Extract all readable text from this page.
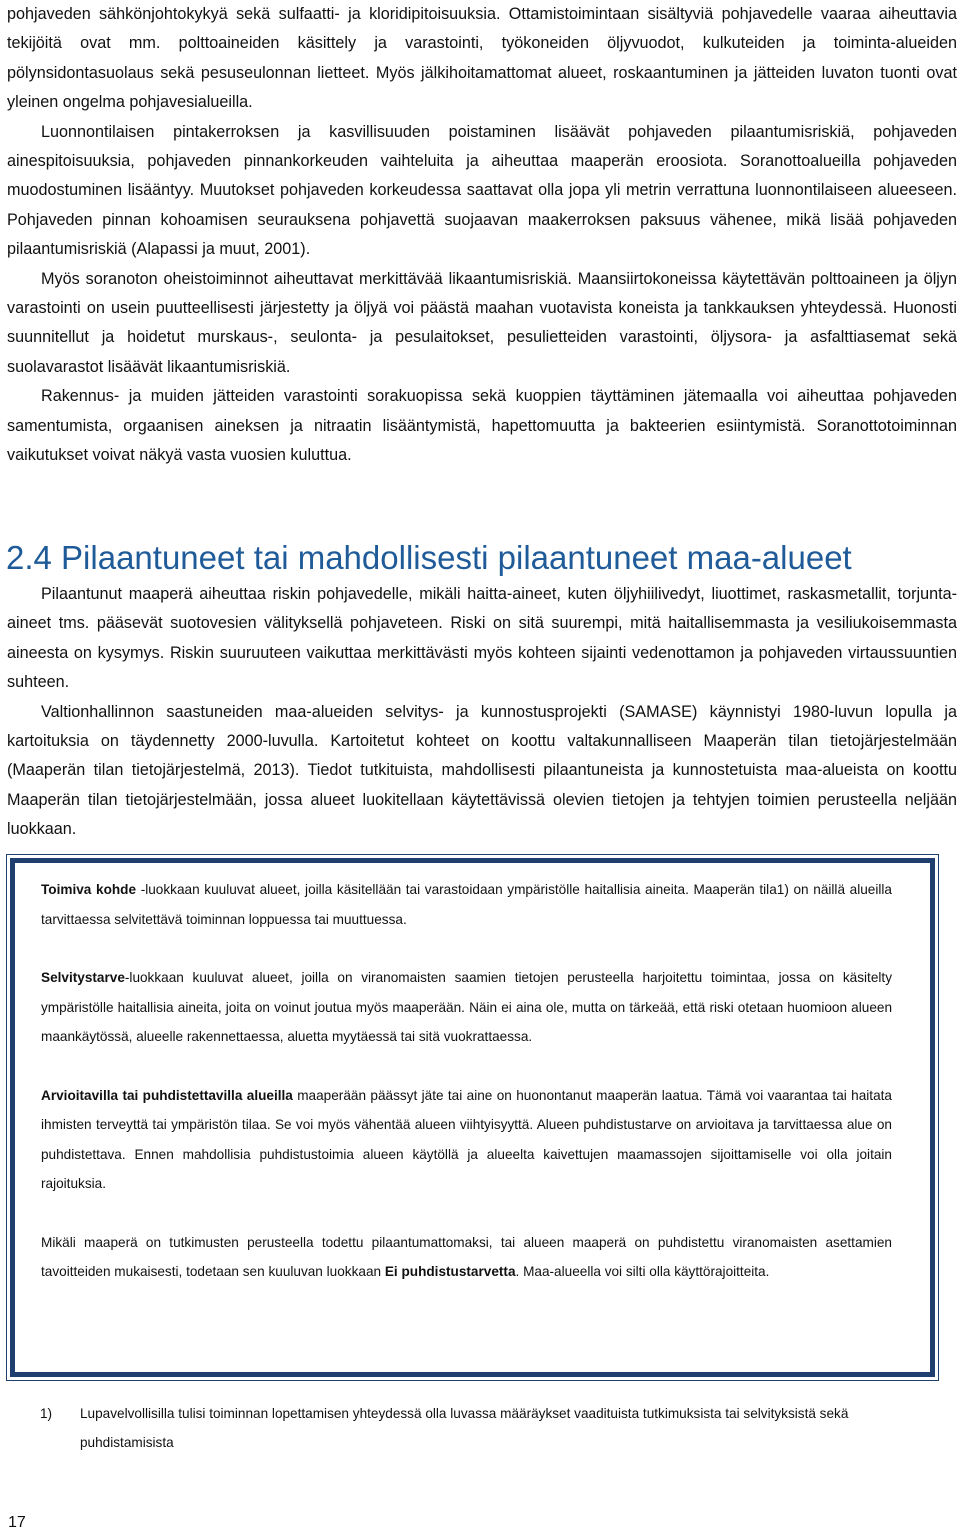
pohjaveden sähkönjohtokykyä sekä sulfaatti- ja kloridipitoisuuksia. Ottamistoimintaan sisältyviä pohjavedelle vaaraa aiheuttavia tekijöitä ovat mm. polttoaineiden käsittely ja varastointi, työkoneiden öljyvuodot, kulkuteiden ja toiminta-alueiden pölynsidontasuolaus sekä pesuseulonnan lietteet. Myös jälkihoitamattomat alueet, roskaantuminen ja jätteiden luvaton tuonti ovat yleinen ongelma pohjavesialueilla.

Luonnontilaisen pintakerroksen ja kasvillisuuden poistaminen lisäävät pohjaveden pilaantumisriskiä, pohjaveden ainespitoisuuksia, pohjaveden pinnankorkeuden vaihteluita ja aiheuttaa maaperän eroosiota. Soranottoalueilla pohjaveden muodostuminen lisääntyy. Muutokset pohjaveden korkeudessa saattavat olla jopa yli metrin verrattuna luonnontilaiseen alueeseen. Pohjaveden pinnan kohoamisen seurauksena pohjavettä suojaavan maakerroksen paksuus vähenee, mikä lisää pohjaveden pilaantumisriskiä (Alapassi ja muut, 2001).

Myös soranoton oheistoiminnot aiheuttavat merkittävää likaantumisriskiä. Maansiirtokoneissa käytettävän polttoaineen ja öljyn varastointi on usein puutteellisesti järjestetty ja öljyä voi päästä maahan vuotavista koneista ja tankkauksen yhteydessä. Huonosti suunnitellut ja hoidetut murskaus-, seulonta- ja pesulaitokset, pesulietteiden varastointi, öljysora- ja asfalttiasemat sekä suolavarastot lisäävät likaantumisriskiä.

Rakennus- ja muiden jätteiden varastointi sorakuopissa sekä kuoppien täyttäminen jätemaalla voi aiheuttaa pohjaveden samentumista, orgaanisen aineksen ja nitraatin lisääntymistä, hapettomuutta ja bakteerien esiintymistä. Soranottotoiminnan vaikutukset voivat näkyä vasta vuosien kuluttua.

2.4 Pilaantuneet tai mahdollisesti pilaantuneet maa-alueet

Pilaantunut maaperä aiheuttaa riskin pohjavedelle, mikäli haitta-aineet, kuten öljyhiilivedyt, liuottimet, raskasmetallit, torjunta-aineet tms. pääsevät suotovesien välityksellä pohjaveteen. Riski on sitä suurempi, mitä haitallisemmasta ja vesiliukoisemmasta aineesta on kysymys. Riskin suuruuteen vaikuttaa merkittävästi myös kohteen sijainti vedenottamon ja pohjaveden virtaussuuntien suhteen.

Valtionhallinnon saastuneiden maa-alueiden selvitys- ja kunnostusprojekti (SAMASE) käynnistyi 1980-luvun lopulla ja kartoituksia on täydennetty 2000-luvulla. Kartoitetut kohteet on koottu valtakunnalliseen Maaperän tilan tietojärjestelmään (Maaperän tilan tietojärjestelmä, 2013). Tiedot tutkituista, mahdollisesti pilaantuneista ja kunnostetuista maa-alueista on koottu Maaperän tilan tietojärjestelmään, jossa alueet luokitellaan käytettävissä olevien tietojen ja tehtyjen toimien perusteella neljään luokkaan.

Toimiva kohde -luokkaan kuuluvat alueet, joilla käsitellään tai varastoidaan ympäristölle haitallisia aineita. Maaperän tila1) on näillä alueilla tarvittaessa selvitettävä toiminnan loppuessa tai muuttuessa.

Selvitystarve-luokkaan kuuluvat alueet, joilla on viranomaisten saamien tietojen perusteella harjoitettu toimintaa, jossa on käsitelty ympäristölle haitallisia aineita, joita on voinut joutua myös maaperään. Näin ei aina ole, mutta on tärkeää, että riski otetaan huomioon alueen maankäytössä, alueelle rakennettaessa, aluetta myytäessä tai sitä vuokrattaessa.

Arvioitavilla tai puhdistettavilla alueilla maaperään päässyt jäte tai aine on huonontanut maaperän laatua. Tämä voi vaarantaa tai haitata ihmisten terveyttä tai ympäristön tilaa. Se voi myös vähentää alueen viihtyisyyttä. Alueen puhdistustarve on arvioitava ja tarvittaessa alue on puhdistettava. Ennen mahdollisia puhdistustoimia alueen käytöllä ja alueelta kaivettujen maamassojen sijoittamiselle voi olla joitain rajoituksia.

Mikäli maaperä on tutkimusten perusteella todettu pilaantumattomaksi, tai alueen maaperä on puhdistettu viranomaisten asettamien tavoitteiden mukaisesti, todetaan sen kuuluvan luokkaan Ei puhdistustarvetta. Maa-alueella voi silti olla käyttörajoitteita.

1)	Lupavelvollisilla tulisi toiminnan lopettamisen yhteydessä olla luvassa määräykset vaadituista tutkimuksista tai selvityksistä sekä puhdistamisista
17
